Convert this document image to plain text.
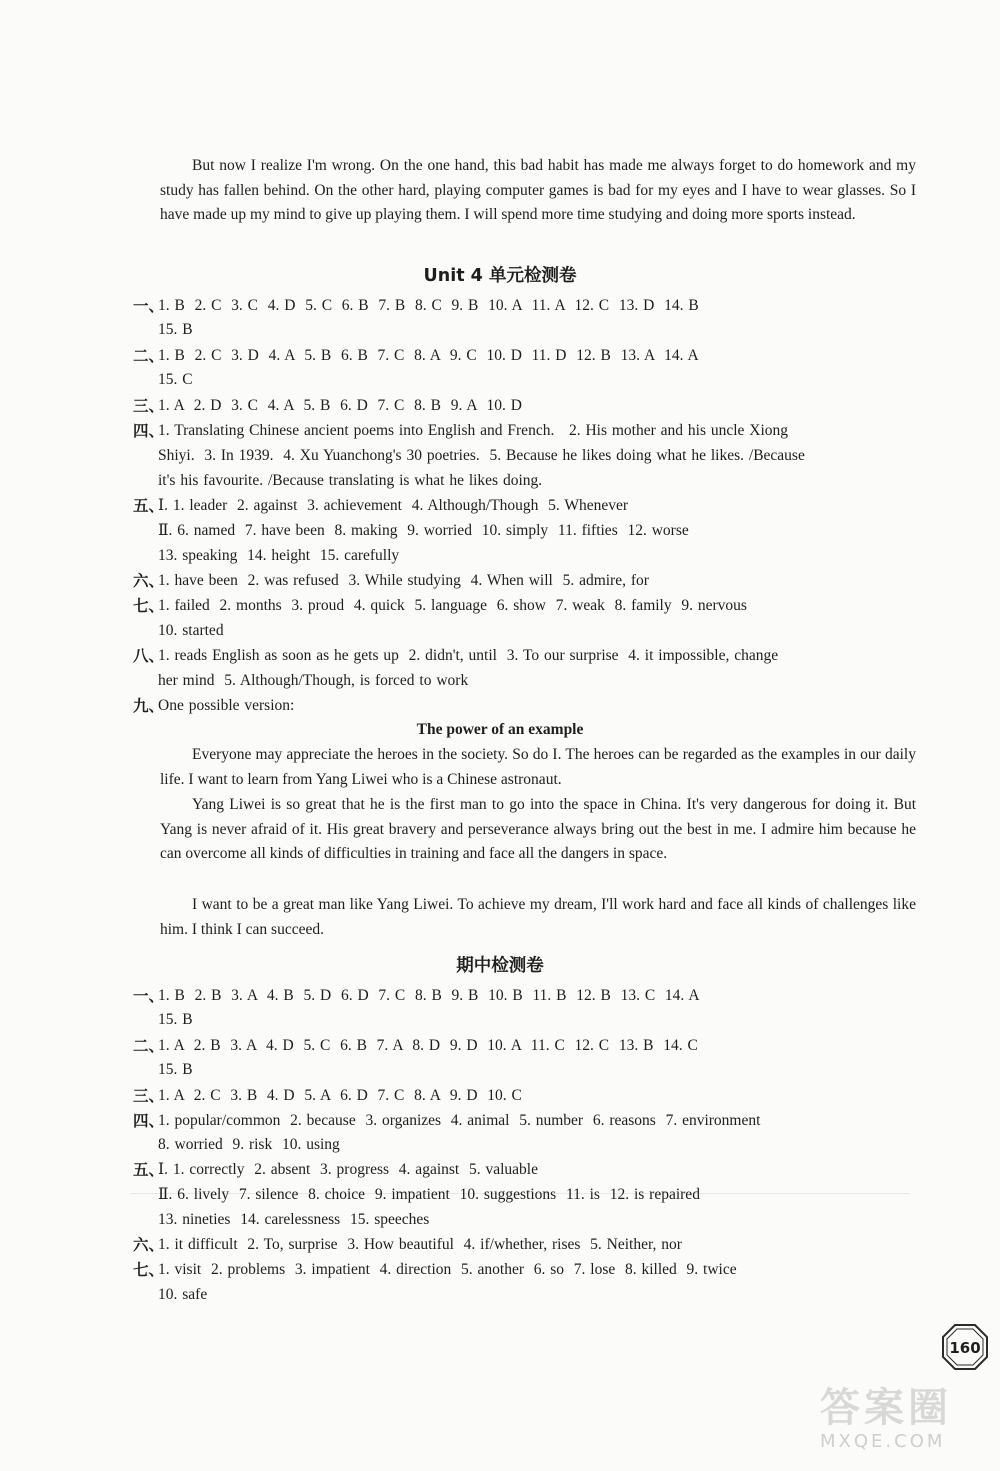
But now I realize I'm wrong. On the one hand, this bad habit has made me always forget to do homework and my study has fallen behind. On the other hard, playing computer games is bad for my eyes and I have to wear glasses. So I have made up my mind to give up playing them. I will spend more time studying and doing more sports instead.
Unit 4 单元检测卷
一、
1. B  2. C  3. C  4. D  5. C  6. B  7. B  8. C  9. B  10. A  11. A  12. C  13. D  14. B
15. B
二、
1. B  2. C  3. D  4. A  5. B  6. B  7. C  8. A  9. C  10. D  11. D  12. B  13. A  14. A
15. C
三、
1. A  2. D  3. C  4. A  5. B  6. D  7. C  8. B  9. A  10. D
四、
1. Translating Chinese ancient poems into English and French.   2. His mother and his uncle Xiong
Shiyi.  3. In 1939.  4. Xu Yuanchong's 30 poetries.  5. Because he likes doing what he likes. /Because
it's his favourite. /Because translating is what he likes doing.
五、
Ⅰ. 1. leader  2. against  3. achievement  4. Although/Though  5. Whenever
Ⅱ. 6. named  7. have been  8. making  9. worried  10. simply  11. fifties  12. worse
13. speaking  14. height  15. carefully
六、
1. have been  2. was refused  3. While studying  4. When will  5. admire, for
七、
1. failed  2. months  3. proud  4. quick  5. language  6. show  7. weak  8. family  9. nervous
10. started
八、
1. reads English as soon as he gets up  2. didn't, until  3. To our surprise  4. it impossible, change
her mind  5. Although/Though, is forced to work
九、
One possible version:
The power of an example
Everyone may appreciate the heroes in the society. So do I. The heroes can be regarded as the examples in our daily life. I want to learn from Yang Liwei who is a Chinese astronaut.
Yang Liwei is so great that he is the first man to go into the space in China. It's very dangerous for doing it. But Yang is never afraid of it. His great bravery and perseverance always bring out the best in me. I admire him because he can overcome all kinds of difficulties in training and face all the dangers in space.
I want to be a great man like Yang Liwei. To achieve my dream, I'll work hard and face all kinds of challenges like him. I think I can succeed.
期中检测卷
一、
1. B  2. B  3. A  4. B  5. D  6. D  7. C  8. B  9. B  10. B  11. B  12. B  13. C  14. A
15. B
二、
1. A  2. B  3. A  4. D  5. C  6. B  7. A  8. D  9. D  10. A  11. C  12. C  13. B  14. C
15. B
三、
1. A  2. C  3. B  4. D  5. A  6. D  7. C  8. A  9. D  10. C
四、
1. popular/common  2. because  3. organizes  4. animal  5. number  6. reasons  7. environment
8. worried  9. risk  10. using
五、
Ⅰ. 1. correctly  2. absent  3. progress  4. against  5. valuable
Ⅱ. 6. lively  7. silence  8. choice  9. impatient  10. suggestions  11. is  12. is repaired
13. nineties  14. carelessness  15. speeches
六、
1. it difficult  2. To, surprise  3. How beautiful  4. if/whether, rises  5. Neither, nor
七、
1. visit  2. problems  3. impatient  4. direction  5. another  6. so  7. lose  8. killed  9. twice
10. safe
160
答案圈
MXQE.COM
